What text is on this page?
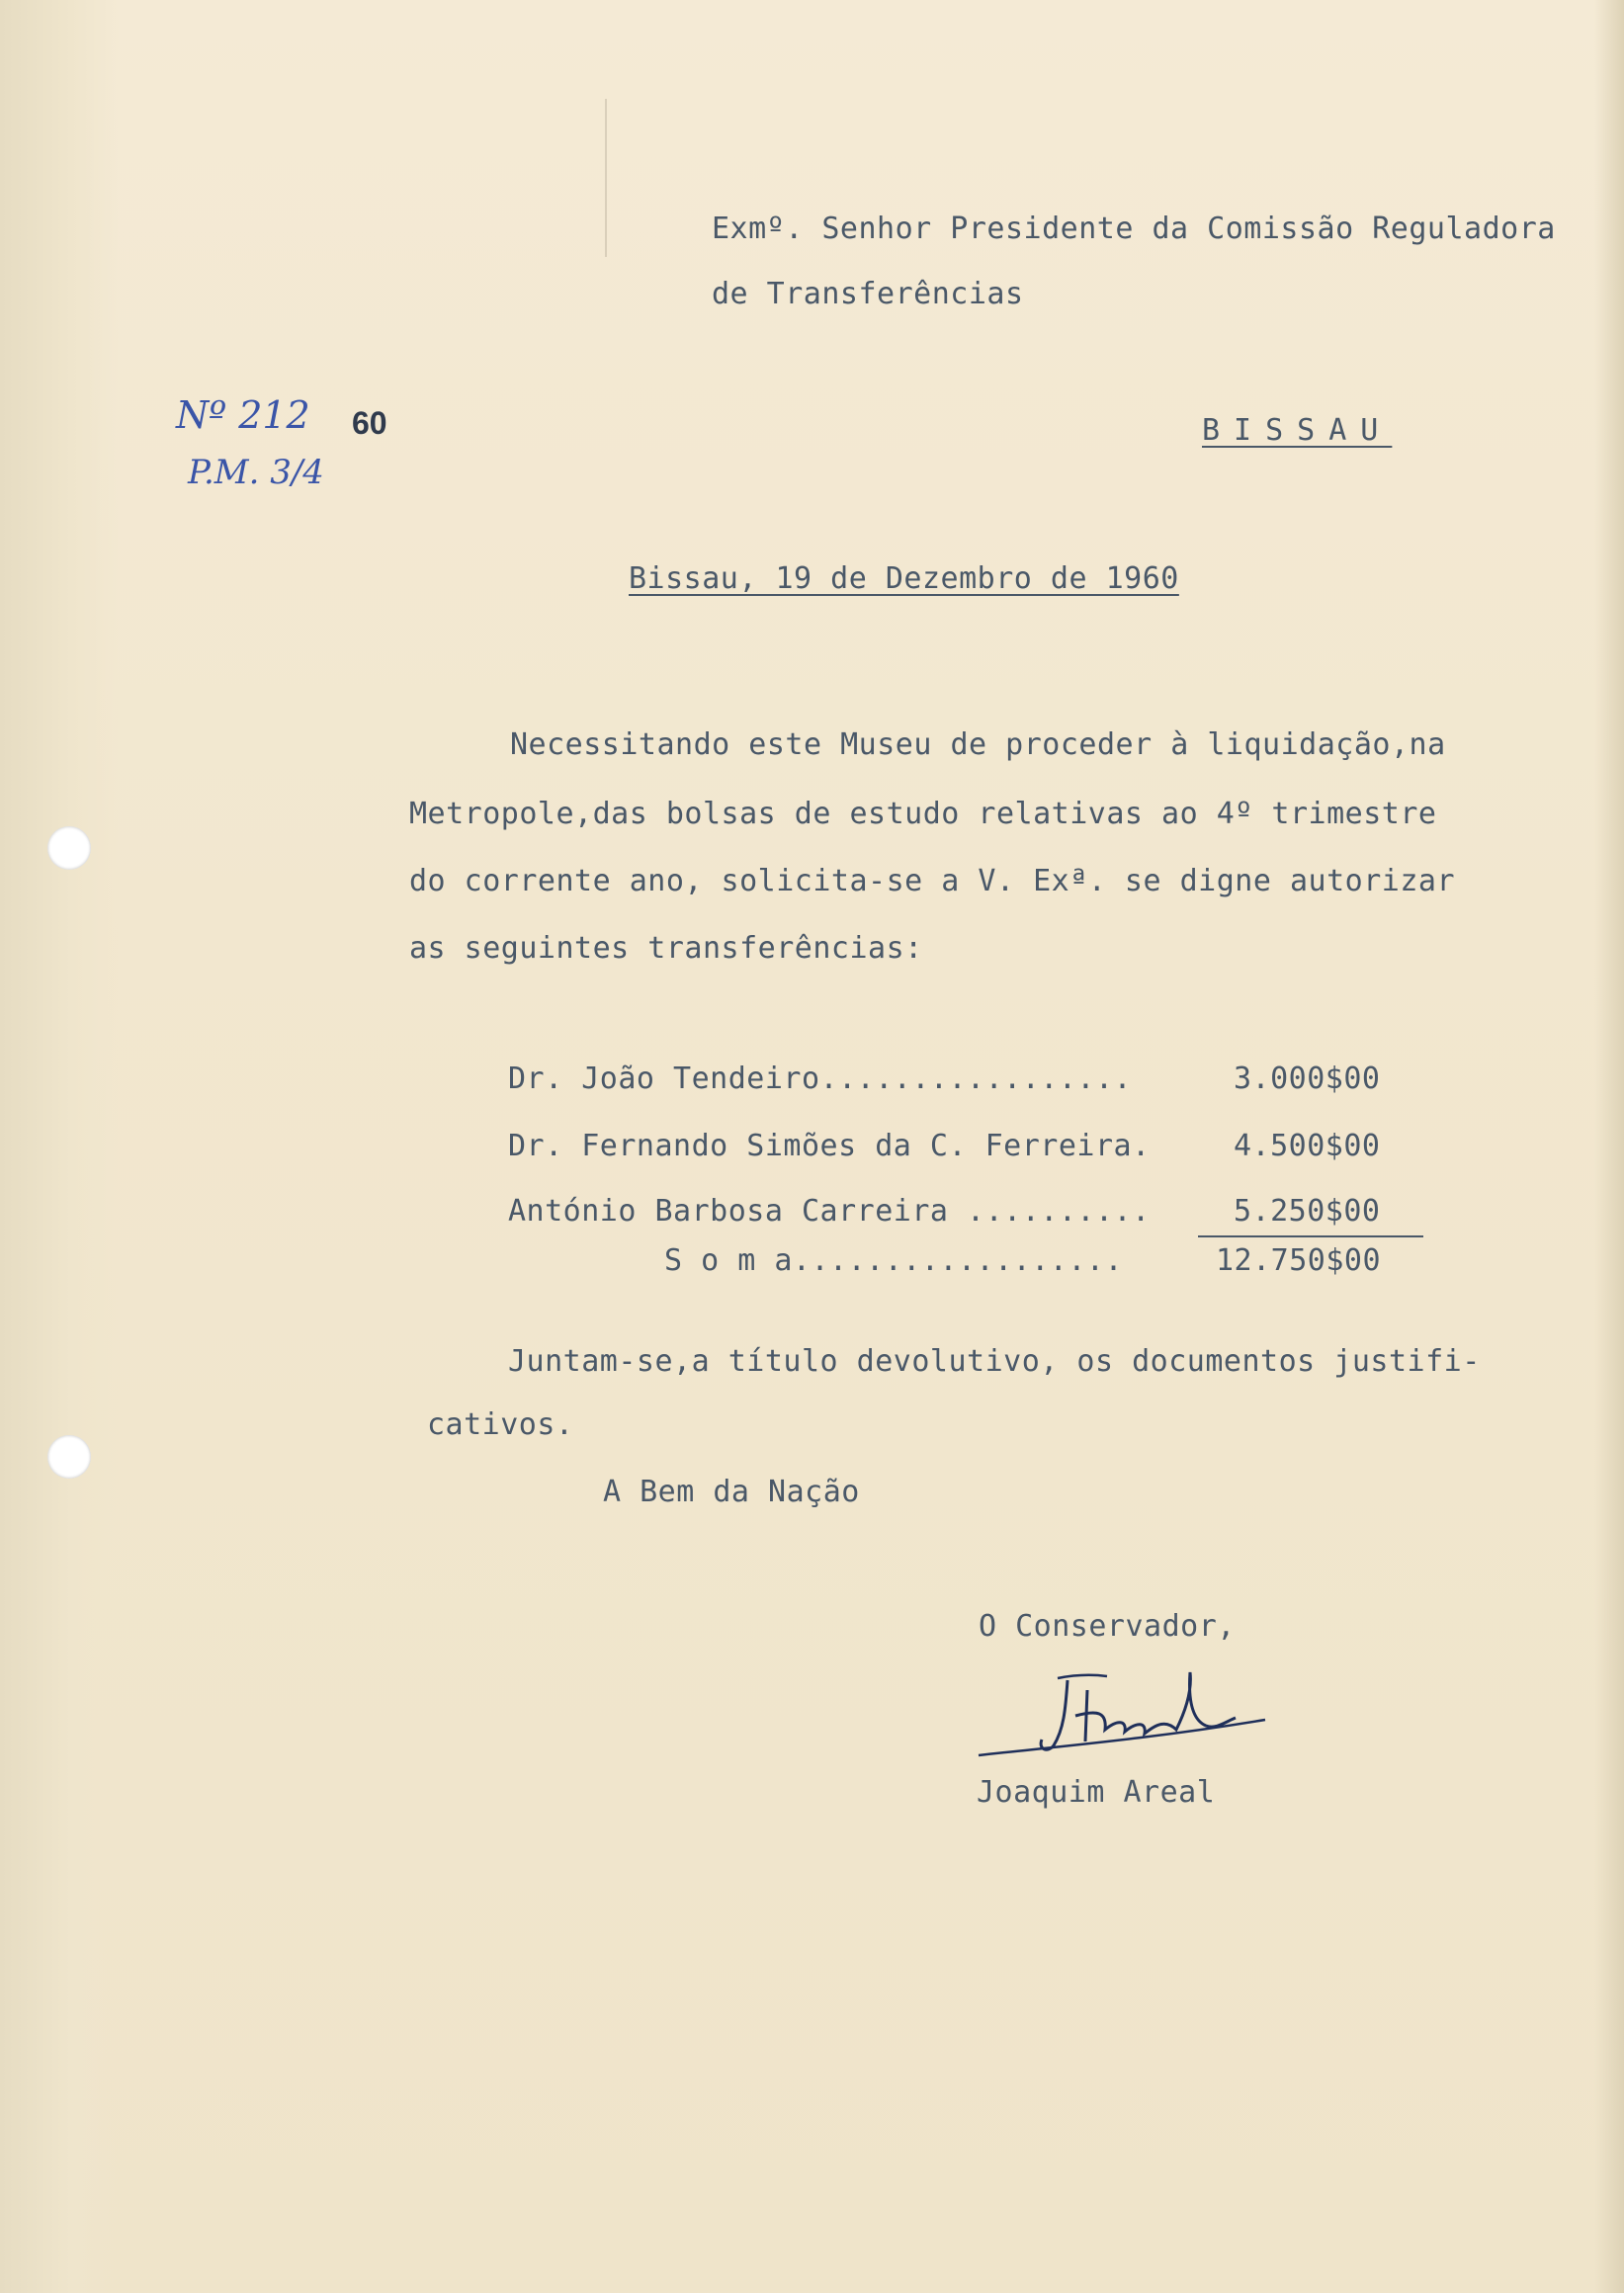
Exmº. Senhor Presidente da Comissão Reguladora
de Transferências
BISSAU
Nº 212 60
P.M. 3/4
Bissau, 19 de Dezembro de 1960
Necessitando este Museu de proceder à liquidação,na
Metropole,das bolsas de estudo relativas ao 4º trimestre
do corrente ano, solicita-se a V. Exª. se digne autorizar
as seguintes transferências:
Dr. João Tendeiro.................	3.000$00
Dr. Fernando Simões da C. Ferreira.	4.500$00
António Barbosa Carreira ..........	5.250$00
S o m a..................	12.750$00
Juntam-se,a título devolutivo, os documentos justifi-
cativos.
A Bem da Nação
O Conservador,
Joaquim Areal
